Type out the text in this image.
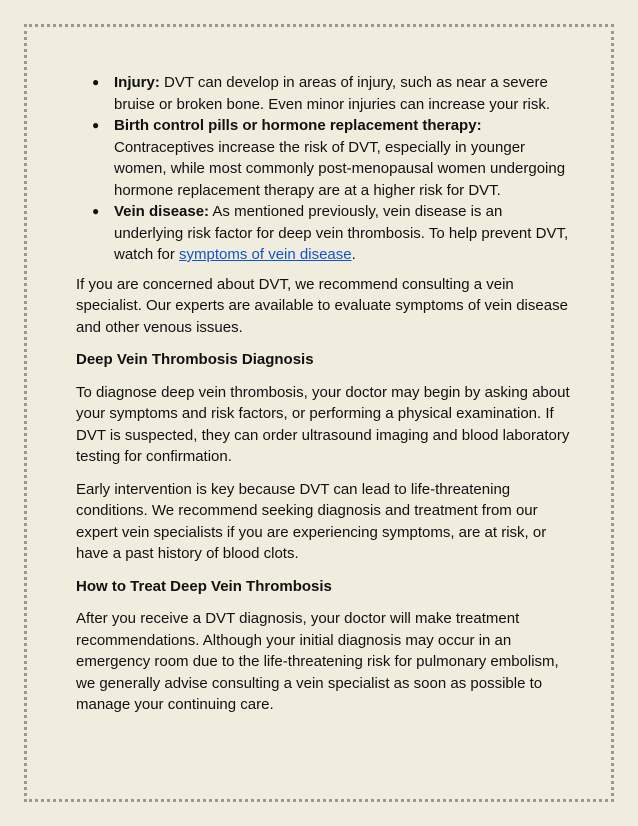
● Injury: DVT can develop in areas of injury, such as near a severe bruise or broken bone. Even minor injuries can increase your risk.
● Birth control pills or hormone replacement therapy: Contraceptives increase the risk of DVT, especially in younger women, while most commonly post-menopausal women undergoing hormone replacement therapy are at a higher risk for DVT.
● Vein disease: As mentioned previously, vein disease is an underlying risk factor for deep vein thrombosis. To help prevent DVT, watch for symptoms of vein disease.

If you are concerned about DVT, we recommend consulting a vein specialist. Our experts are available to evaluate symptoms of vein disease and other venous issues.

Deep Vein Thrombosis Diagnosis

To diagnose deep vein thrombosis, your doctor may begin by asking about your symptoms and risk factors, or performing a physical examination. If DVT is suspected, they can order ultrasound imaging and blood laboratory testing for confirmation.

Early intervention is key because DVT can lead to life-threatening conditions. We recommend seeking diagnosis and treatment from our expert vein specialists if you are experiencing symptoms, are at risk, or have a past history of blood clots.

How to Treat Deep Vein Thrombosis

After you receive a DVT diagnosis, your doctor will make treatment recommendations. Although your initial diagnosis may occur in an emergency room due to the life-threatening risk for pulmonary embolism, we generally advise consulting a vein specialist as soon as possible to manage your continuing care.
